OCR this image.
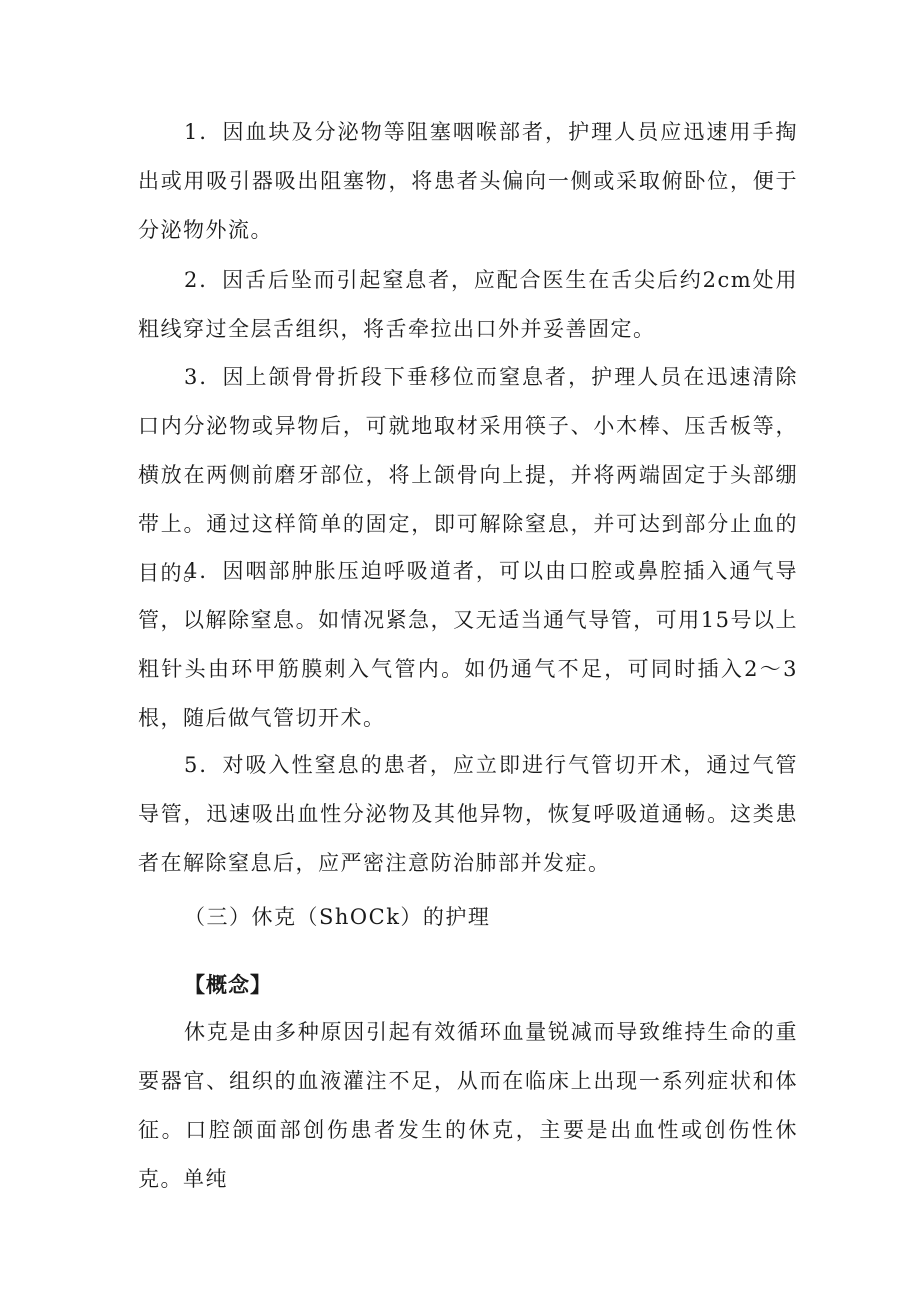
1．因血块及分泌物等阻塞咽喉部者，护理人员应迅速用手掏出或用吸引器吸出阻塞物，将患者头偏向一侧或采取俯卧位，便于分泌物外流。

2．因舌后坠而引起窒息者，应配合医生在舌尖后约2cm处用粗线穿过全层舌组织，将舌牵拉出口外并妥善固定。

3．因上颌骨骨折段下垂移位而窒息者，护理人员在迅速清除口内分泌物或异物后，可就地取材采用筷子、小木棒、压舌板等，横放在两侧前磨牙部位，将上颌骨向上提，并将两端固定于头部绷带上。通过这样简单的固定，即可解除窒息，并可达到部分止血的目的。

4．因咽部肿胀压迫呼吸道者，可以由口腔或鼻腔插入通气导管，以解除窒息。如情况紧急，又无适当通气导管，可用15号以上粗针头由环甲筋膜刺入气管内。如仍通气不足，可同时插入2～3根，随后做气管切开术。

5．对吸入性窒息的患者，应立即进行气管切开术，通过气管导管，迅速吸出血性分泌物及其他异物，恢复呼吸道通畅。这类患者在解除窒息后，应严密注意防治肺部并发症。

（三）休克（ShOCk）的护理

【概念】

休克是由多种原因引起有效循环血量锐减而导致维持生命的重要器官、组织的血液灌注不足，从而在临床上出现一系列症状和体征。口腔颌面部创伤患者发生的休克，主要是出血性或创伤性休克。单纯
